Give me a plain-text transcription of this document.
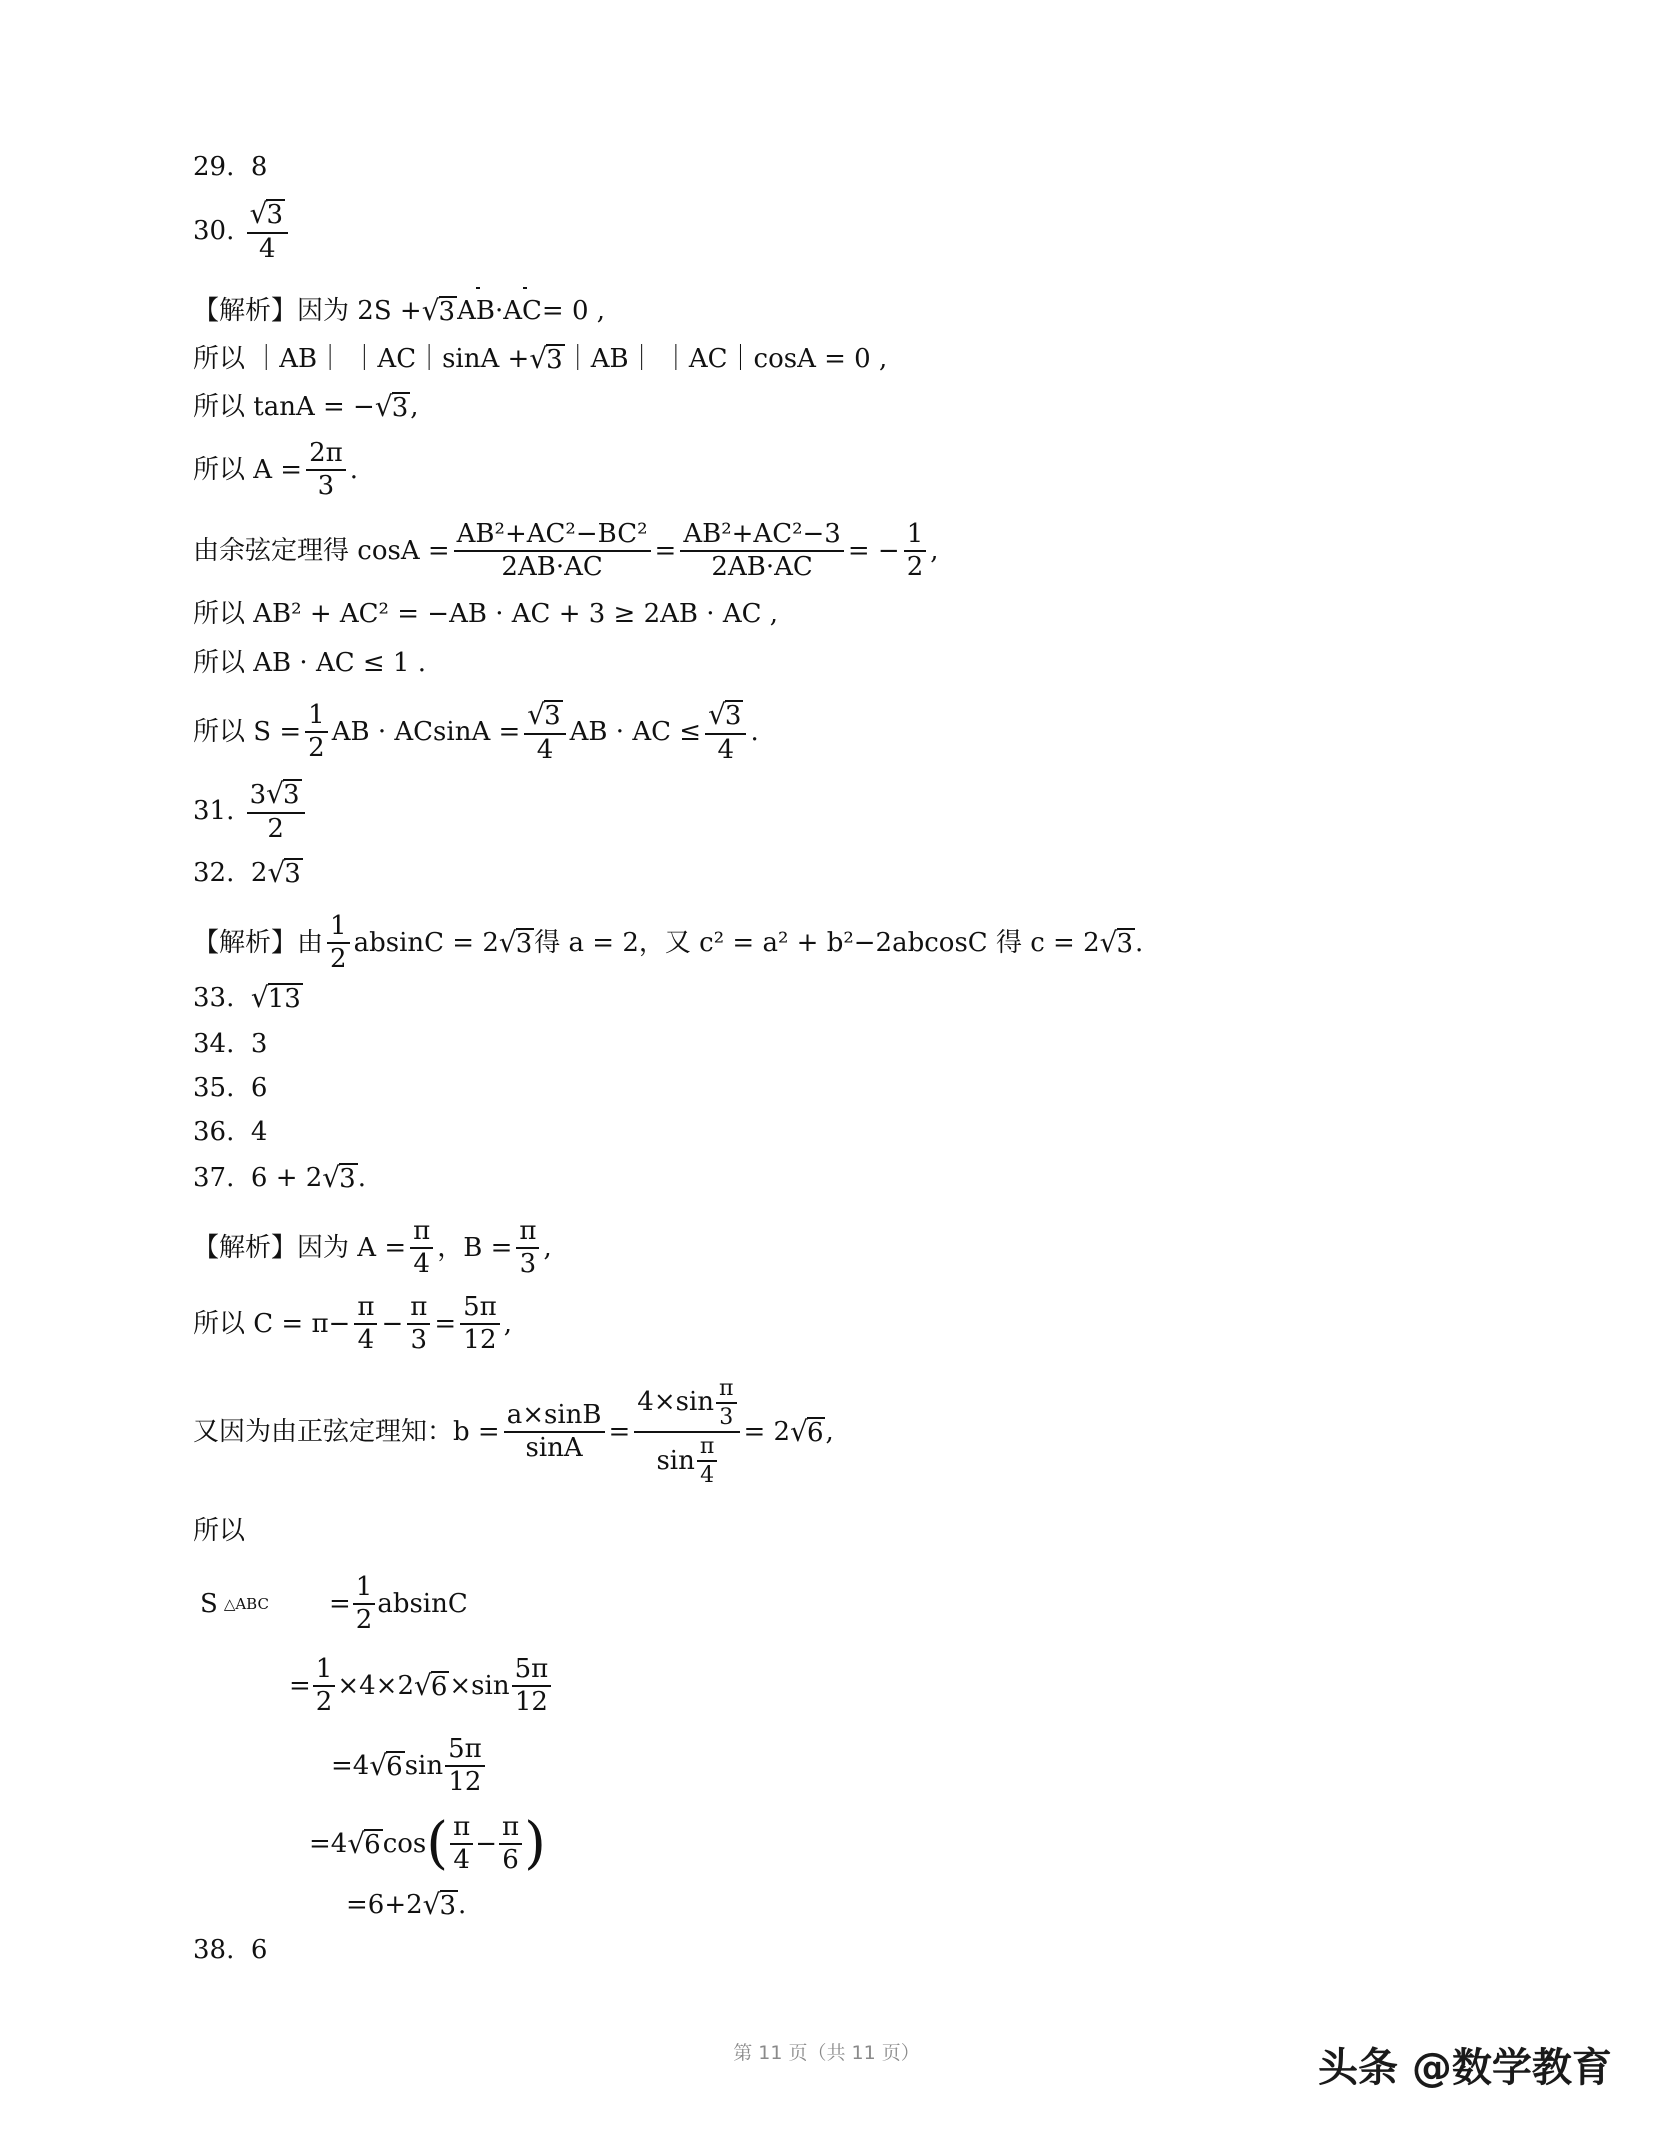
29.
8
30.

√3
4
【解析】 因为 2S + √ 3 AB · AC = 0 ,
所以 ｜AB｜ ｜AC｜sinA + √ 3 ｜AB｜ ｜AC｜cosA = 0 ,
所以 tanA = − √ 3 ,
所以 $A = \frac{2\pi}{3}$ .
由余弦定理得 $\cos A = \frac{\text{AB²+AC²−BC²}}{2AB\cdot AC} = \frac{\text{AB²+AC²−3}}{2AB\cdot AC}$ = − $\frac{1}{2}$ ,
所以 AB² + AC² = −AB · AC + 3 ≥ 2AB · AC ,
所以 AB · AC ≤ 1 .
所以 $S = \frac{1}{2}$ AB · $ACsinA = \frac{√3}{4}$ AB · AC ≤ $\frac{√3}{4}$ .
31.

3√3
2
32.
2 √ 3
【解析】 由
1
2
absinC = 2 √ 3 得 a = 2，又 c² = a² + b²−2abcosC 得 c = 2 √ 3 .
33.
√ 13
34.
3
35.
6
36.
4
37.
6 + 2 √ 3 .
【解析】 因为 $A = \frac{\pi}{4}$ ，$B = \frac{\pi}{3}$ ,
所以 $C = \pi- \frac{\pi}{4} - \frac{\pi}{3} = \frac{5\pi}{12}$ ,
又因为由正弦定理知：$b = \frac{a\times\sin B}{\sin A} = 4\times\sin$ π
3
sin π
4 = 2 √ 6 ,
所以
S △ABC = $\frac{1}{2}$ absinC
= $\frac{1}{2} \times 4\times 2$ √ 6 ×sin
5π
12
=4 √ 6 sin
5π
12
=4 √ 6 cos ( π
4
− $\frac{\pi}{6}$ )
=6+2 √ 3 .
38.
6
第 11 页（共 11 页）	头条 @数学教育
